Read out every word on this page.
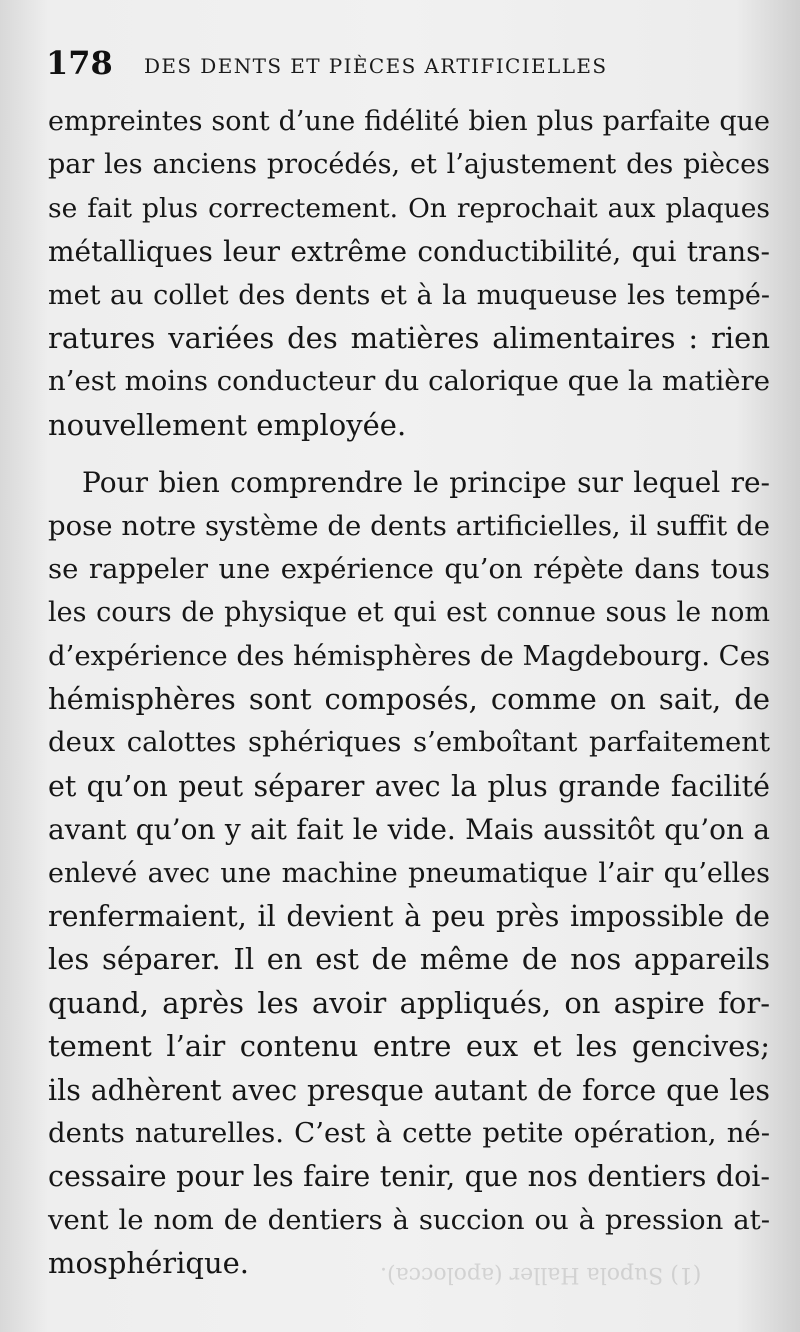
(1) Supola Haller (apolocca).
178 DES DENTS ET PIÈCES ARTIFICIELLES
empreintes sont d’une fidélité bien plus parfaite que
par les anciens procédés, et l’ajustement des pièces
se fait plus correctement. On reprochait aux plaques
métalliques leur extrême conductibilité, qui trans-
met au collet des dents et à la muqueuse les tempé-
ratures variées des matières alimentaires : rien
n’est moins conducteur du calorique que la matière
nouvellement employée.
Pour bien comprendre le principe sur lequel re-
pose notre système de dents artificielles, il suffit de
se rappeler une expérience qu’on répète dans tous
les cours de physique et qui est connue sous le nom
d’expérience des hémisphères de Magdebourg. Ces
hémisphères sont composés, comme on sait, de
deux calottes sphériques s’emboîtant parfaitement
et qu’on peut séparer avec la plus grande facilité
avant qu’on y ait fait le vide. Mais aussitôt qu’on a
enlevé avec une machine pneumatique l’air qu’elles
renfermaient, il devient à peu près impossible de
les séparer. Il en est de même de nos appareils
quand, après les avoir appliqués, on aspire for-
tement l’air contenu entre eux et les gencives;
ils adhèrent avec presque autant de force que les
dents naturelles. C’est à cette petite opération, né-
cessaire pour les faire tenir, que nos dentiers doi-
vent le nom de dentiers à succion ou à pression at-
mosphérique.
